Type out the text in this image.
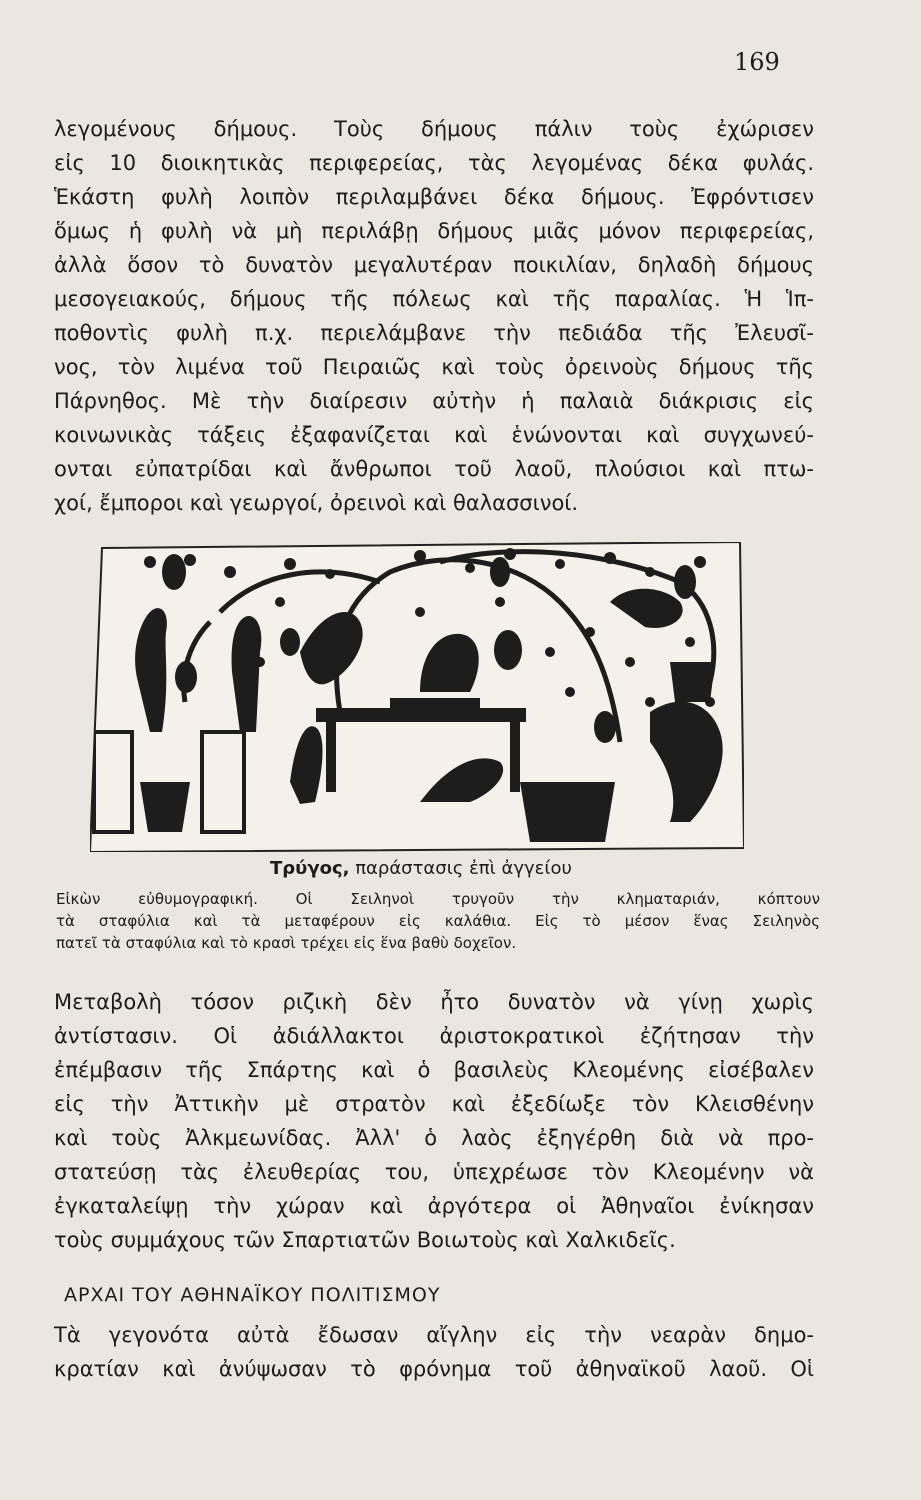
169
λεγομένους δήμους. Τοὺς δήμους πάλιν τοὺς ἐχώρισεν
εἰς 10 διοικητικὰς περιφερείας, τὰς λεγομένας δέκα φυλάς.
Ἑκάστη φυλὴ λοιπὸν περιλαμβάνει δέκα δήμους. Ἐφρόντισεν
ὅμως ἡ φυλὴ νὰ μὴ περιλάβῃ δήμους μιᾶς μόνον περιφερείας,
ἀλλὰ ὅσον τὸ δυνατὸν μεγαλυτέραν ποικιλίαν, δηλαδὴ δήμους
μεσογειακούς, δήμους τῆς πόλεως καὶ τῆς παραλίας. Ἡ Ἱπ-
ποθοντὶς φυλὴ π.χ. περιελάμβανε τὴν πεδιάδα τῆς Ἐλευσῖ-
νος, τὸν λιμένα τοῦ Πειραιῶς καὶ τοὺς ὀρεινοὺς δήμους τῆς
Πάρνηθος. Μὲ τὴν διαίρεσιν αὐτὴν ἡ παλαιὰ διάκρισις εἰς
κοινωνικὰς τάξεις ἐξαφανίζεται καὶ ἑνώνονται καὶ συγχωνεύ-
ονται εὐπατρίδαι καὶ ἄνθρωποι τοῦ λαοῦ, πλούσιοι καὶ πτω-
χοί, ἔμποροι καὶ γεωργοί, ὀρεινοὶ καὶ θαλασσινοί.
Τρύγος, παράστασις ἐπὶ ἀγγείου
Εἰκὼν εὐθυμογραφική. Οἱ Σειληνοὶ τρυγοῦν τὴν κληματαριάν, κόπτουν
τὰ σταφύλια καὶ τὰ μεταφέρουν εἰς καλάθια. Εἰς τὸ μέσον ἕνας Σειληνὸς
πατεῖ τὰ σταφύλια καὶ τὸ κρασὶ τρέχει εἰς ἕνα βαθὺ δοχεῖον.
Μεταβολὴ τόσον ριζικὴ δὲν ἦτο δυνατὸν νὰ γίνῃ χωρὶς
ἀντίστασιν. Οἱ ἀδιάλλακτοι ἀριστοκρατικοὶ ἐζήτησαν τὴν
ἐπέμβασιν τῆς Σπάρτης καὶ ὁ βασιλεὺς Κλεομένης εἰσέβαλεν
εἰς τὴν Ἀττικὴν μὲ στρατὸν καὶ ἐξεδίωξε τὸν Κλεισθένην
καὶ τοὺς Ἀλκμεωνίδας. Ἀλλ' ὁ λαὸς ἐξηγέρθη διὰ νὰ προ-
στατεύσῃ τὰς ἐλευθερίας του, ὑπεχρέωσε τὸν Κλεομένην νὰ
ἐγκαταλείψῃ τὴν χώραν καὶ ἀργότερα οἱ Ἀθηναῖοι ἐνίκησαν
τοὺς συμμάχους τῶν Σπαρτιατῶν Βοιωτοὺς καὶ Χαλκιδεῖς.
ΑΡΧΑΙ ΤΟΥ ΑΘΗΝΑΪΚΟΥ ΠΟΛΙΤΙΣΜΟΥ
Τὰ γεγονότα αὐτὰ ἔδωσαν αἴγλην εἰς τὴν νεαρὰν δημο-
κρατίαν καὶ ἀνύψωσαν τὸ φρόνημα τοῦ ἀθηναϊκοῦ λαοῦ. Οἱ
